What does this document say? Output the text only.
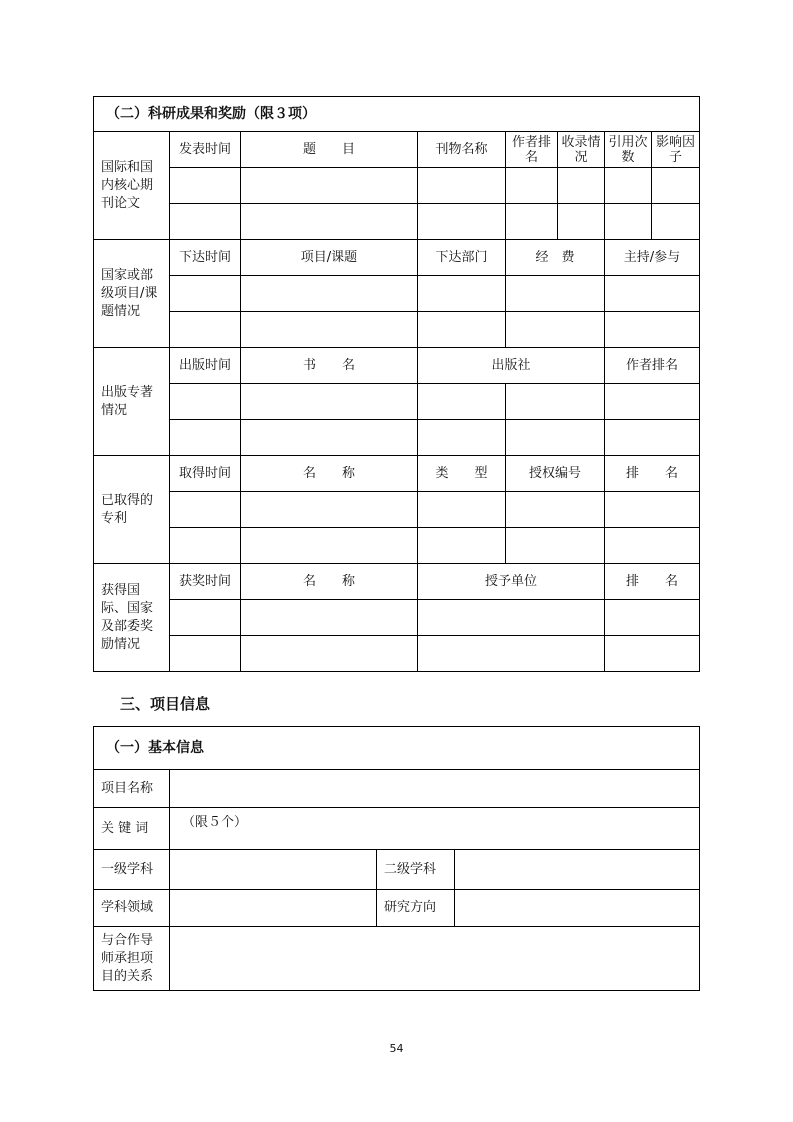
（二）科研成果和奖励（限３项）							
国际和国内核心期刊论文	发表时间	题　　目	刊物名称	作者排名	收录情况	引用次数	影响因子

国家或部级项目/课题情况	下达时间	项目/课题	下达部门	经　费		主持/参与	

出版专著情况	出版时间	书　　名	出版社			作者排名	

已取得的专利	取得时间	名　　称	类　　型	授权编号		排　　名	

获得国际、国家及部委奖励情况	获奖时间	名　　称	授予单位			排　　名	

三、项目信息
（一）基本信息			
项目名称			
关 键 词	（限５个）		

一级学科		二级学科	
学科领域		研究方向	
与合作导师承担项目的关系			
54
